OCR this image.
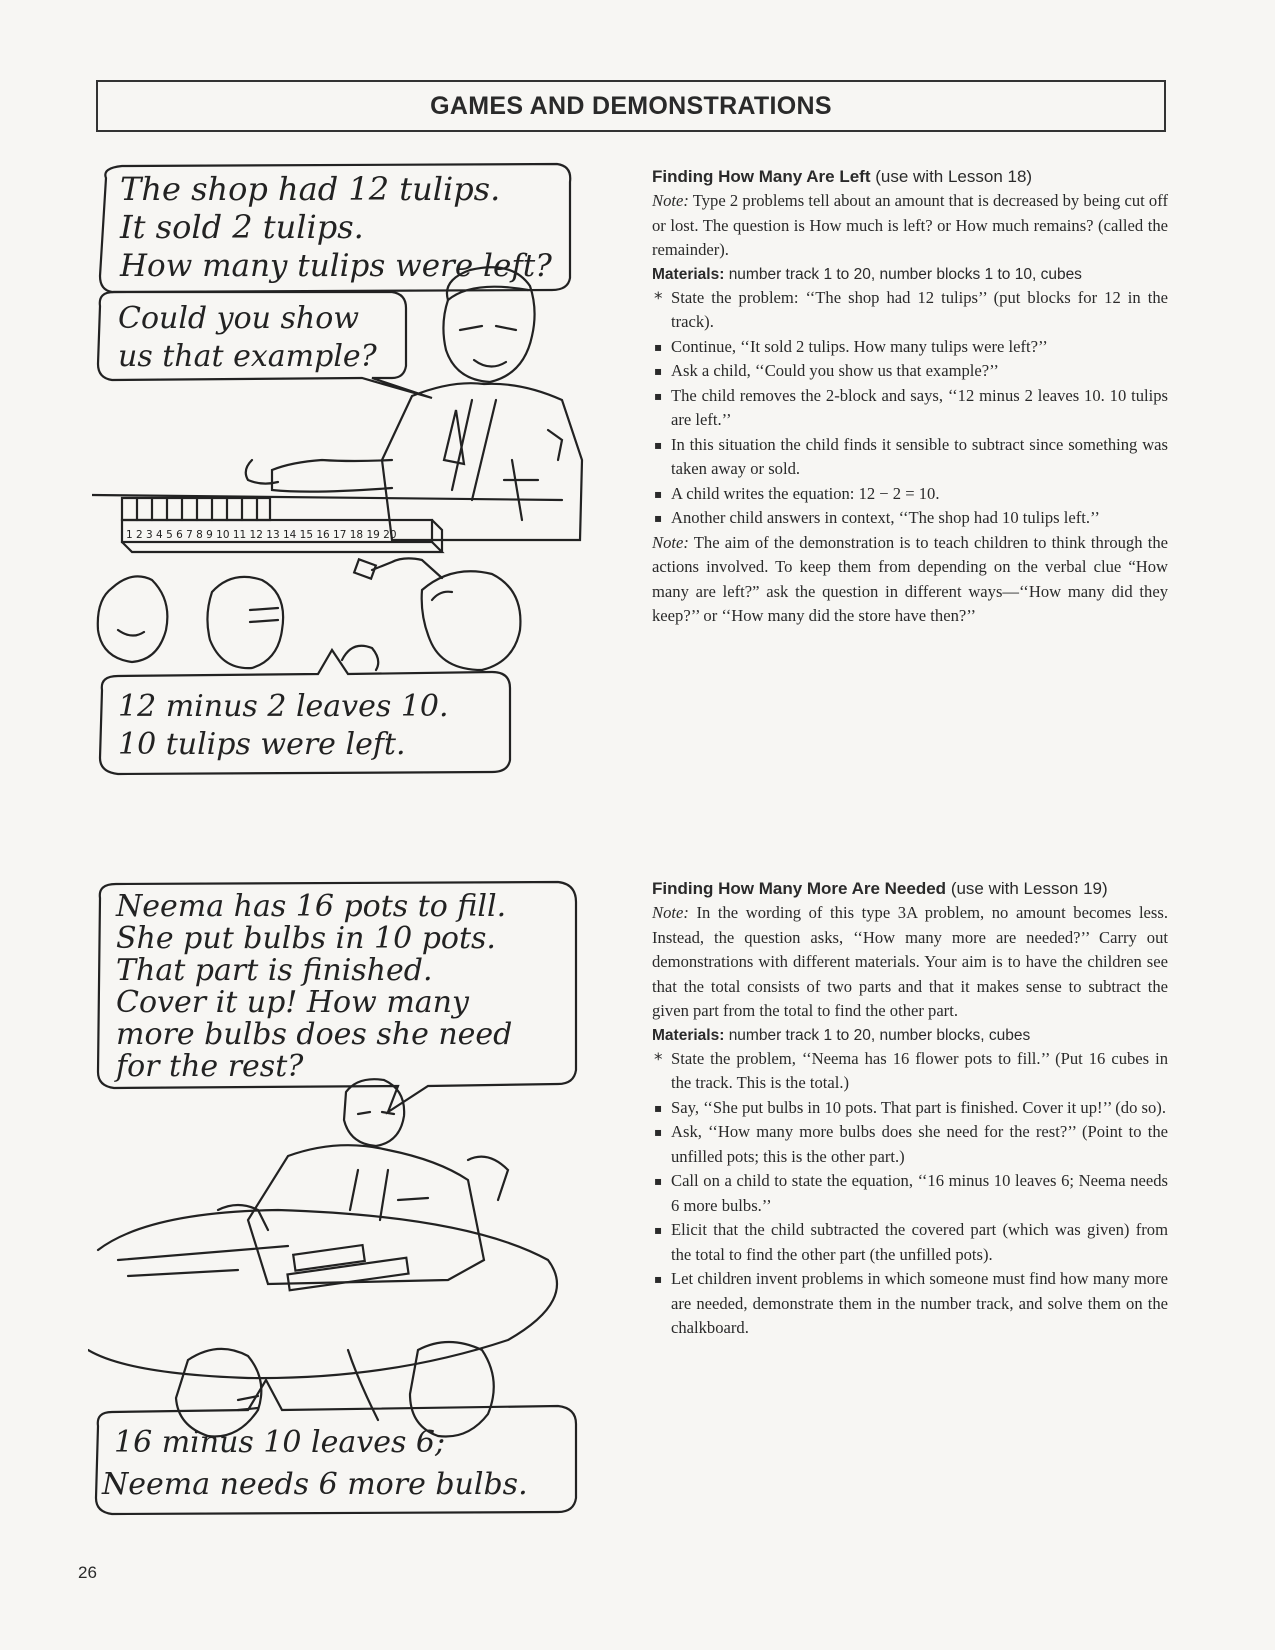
GAMES AND DEMONSTRATIONS
The shop had 12 tulips.
It sold 2 tulips.
How many tulips were left?
Could you show
us that example?
1 2 3 4 5 6 7 8 9 10 11 12 13 14 15 16 17 18 19 20
12 minus 2 leaves 10.
10 tulips were left.

Finding How Many Are Left (use with Lesson 18)

Note: Type 2 problems tell about an amount that is decreased by being cut off or lost. The question is How much is left? or How much remains? (called the remainder).

Materials: number track 1 to 20, number blocks 1 to 10, cubes

* State the problem: ‘‘The shop had 12 tulips’’ (put blocks for 12 in the track).
▪ Continue, ‘‘It sold 2 tulips. How many tulips were left?’’
▪ Ask a child, ‘‘Could you show us that example?’’
▪ The child removes the 2-block and says, ‘‘12 minus 2 leaves 10. 10 tulips are left.’’
▪ In this situation the child finds it sensible to subtract since something was taken away or sold.
▪ A child writes the equation: 12 − 2 = 10.
▪ Another child answers in context, ‘‘The shop had 10 tulips left.’’

Note: The aim of the demonstration is to teach children to think through the actions involved. To keep them from depending on the verbal clue “How many are left?” ask the question in different ways—‘‘How many did they keep?’’ or ‘‘How many did the store have then?’’

Neema has 16 pots to fill.
She put bulbs in 10 pots.
That part is finished.
Cover it up! How many
more bulbs does she need
for the rest?
16 minus 10 leaves 6;
Neema needs 6 more bulbs.

Finding How Many More Are Needed (use with Lesson 19)

Note: In the wording of this type 3A problem, no amount becomes less. Instead, the question asks, ‘‘How many more are needed?’’ Carry out demonstrations with different materials. Your aim is to have the children see that the total consists of two parts and that it makes sense to subtract the given part from the total to find the other part.

Materials: number track 1 to 20, number blocks, cubes

* State the problem, ‘‘Neema has 16 flower pots to fill.’’ (Put 16 cubes in the track. This is the total.)
▪ Say, ‘‘She put bulbs in 10 pots. That part is finished. Cover it up!’’ (do so).
▪ Ask, ‘‘How many more bulbs does she need for the rest?’’ (Point to the unfilled pots; this is the other part.)
▪ Call on a child to state the equation, ‘‘16 minus 10 leaves 6; Neema needs 6 more bulbs.’’
▪ Elicit that the child subtracted the covered part (which was given) from the total to find the other part (the unfilled pots).
▪ Let children invent problems in which someone must find how many more are needed, demonstrate them in the number track, and solve them on the chalkboard.
26
